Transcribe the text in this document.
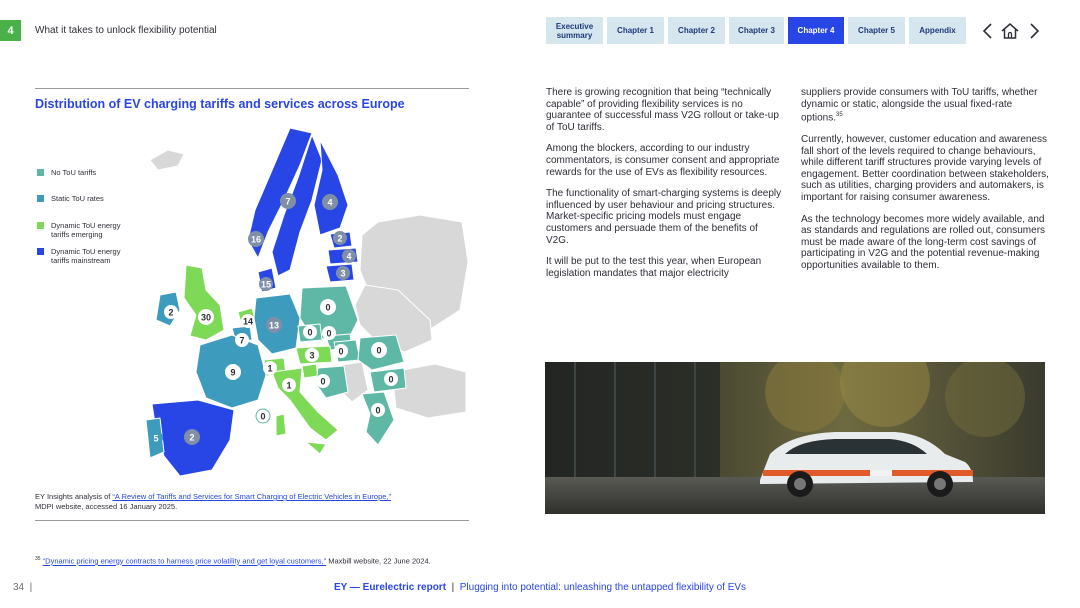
4	What it takes to unlock flexibility potential	Executive summary	Chapter 1	Chapter 2	Chapter 3	Chapter 4	Chapter 5	Appendix
Distribution of EV charging tariffs and services across Europe
No ToU tariffs
Static ToU rates
Dynamic ToU energy tariffs emerging
Dynamic ToU energy tariffs mainstream
7	4
16	2
4
3
15
2	30	14 13
0
7
0 0
3	0	0
9	1
1	0	0
0
0
5	2
EY Insights analysis of “A Review of Tariffs and Services for Smart Charging of Electric Vehicles in Europe,”
MDPI website, accessed 16 January 2025.

There is growing recognition that being “technically capable” of providing flexibility services is no guarantee of successful mass V2G rollout or take-up of ToU tariffs.

Among the blockers, according to our industry commentators, is consumer consent and appropriate rewards for the use of EVs as flexibility resources.

The functionality of smart-charging systems is deeply influenced by user behaviour and pricing structures. Market-specific pricing models must engage customers and persuade them of the benefits of V2G.

It will be put to the test this year, when European legislation mandates that major electricity

suppliers provide consumers with ToU tariffs, whether dynamic or static, alongside the usual fixed-rate options.$^{35}$

Currently, however, customer education and awareness fall short of the levels required to change behaviours, while different tariff structures provide varying levels of engagement. Better coordination between stakeholders, such as utilities, charging providers and automakers, is important for raising consumer awareness.

As the technology becomes more widely available, and as standards and regulations are rolled out, consumers must be made aware of the long-term cost savings of participating in V2G and the potential revenue-making opportunities available to them.

$^{35}$ “Dynamic pricing energy contracts to harness price volatility and get loyal customers,” Maxbill website, 22 June 2024.
34  |	EY — Eurelectric report  |  Plugging into potential: unleashing the untapped flexibility of EVs
